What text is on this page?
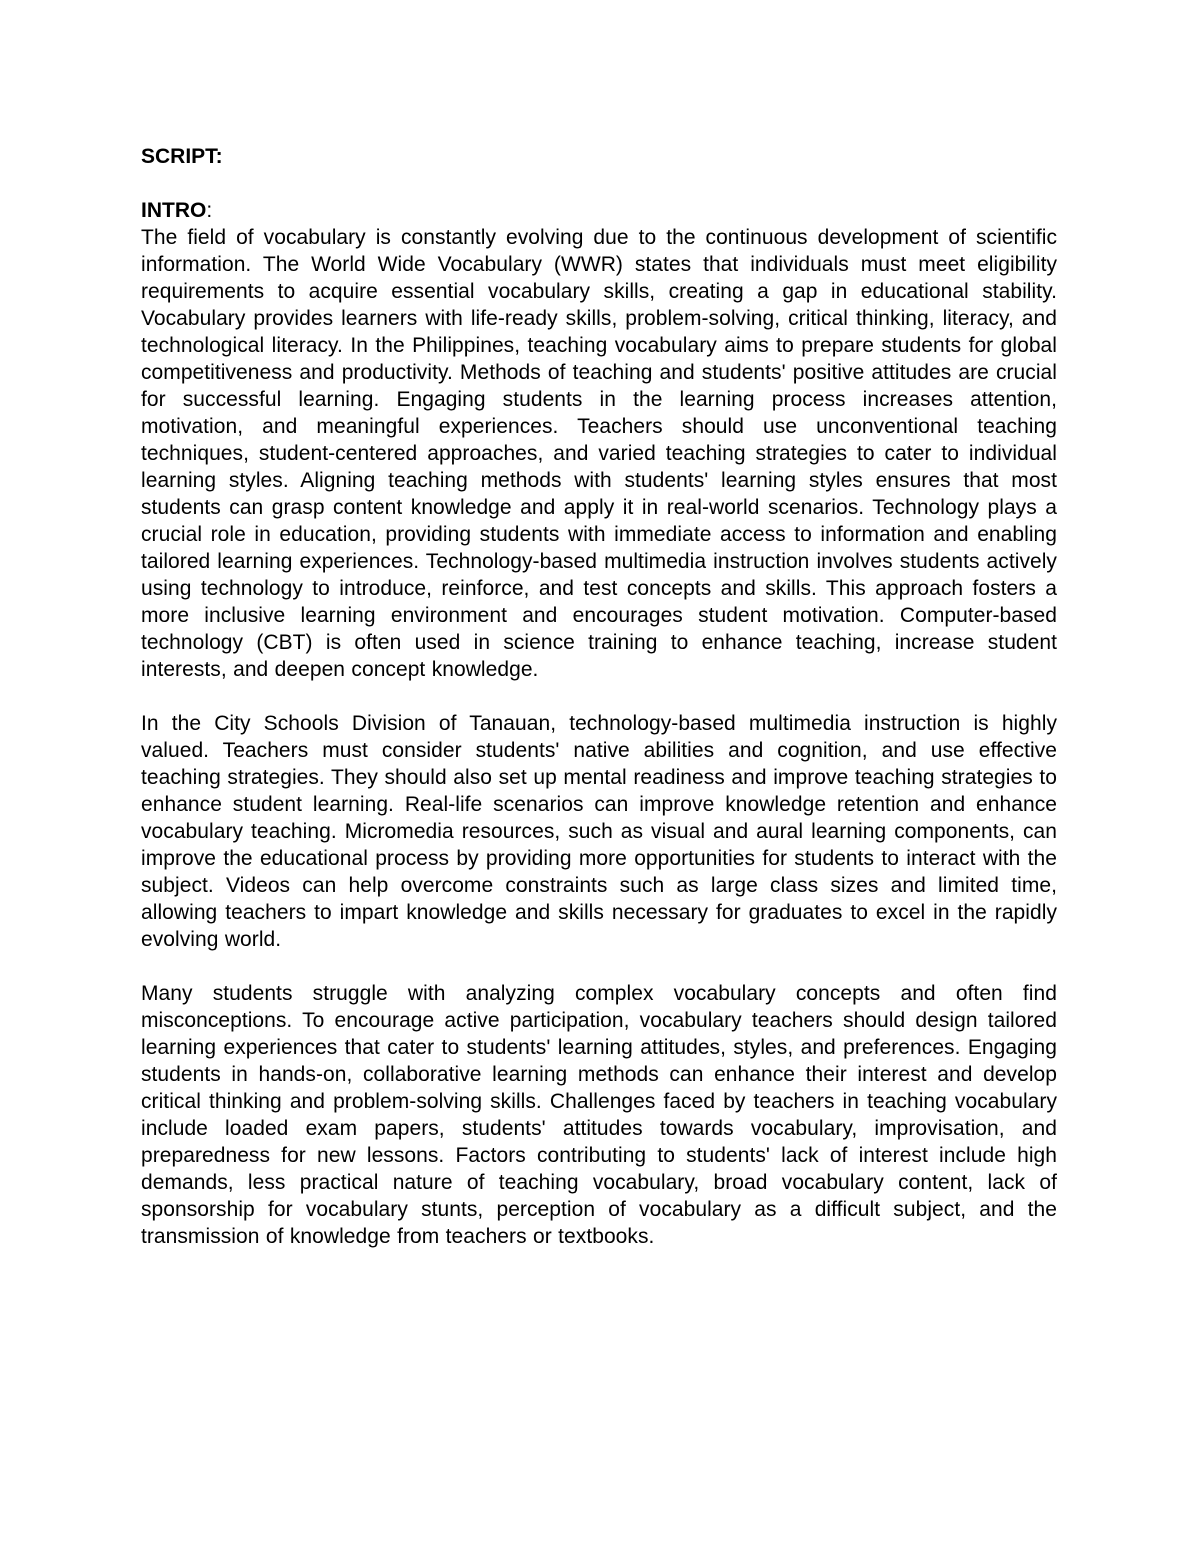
SCRIPT:
INTRO:

The field of vocabulary is constantly evolving due to the continuous development of scientific information. The World Wide Vocabulary (WWR) states that individuals must meet eligibility requirements to acquire essential vocabulary skills, creating a gap in educational stability. Vocabulary provides learners with life-ready skills, problem-solving, critical thinking, literacy, and technological literacy. In the Philippines, teaching vocabulary aims to prepare students for global competitiveness and productivity. Methods of teaching and students' positive attitudes are crucial for successful learning. Engaging students in the learning process increases attention, motivation, and meaningful experiences. Teachers should use unconventional teaching techniques, student-centered approaches, and varied teaching strategies to cater to individual learning styles. Aligning teaching methods with students' learning styles ensures that most students can grasp content knowledge and apply it in real-world scenarios. Technology plays a crucial role in education, providing students with immediate access to information and enabling tailored learning experiences. Technology-based multimedia instruction involves students actively using technology to introduce, reinforce, and test concepts and skills. This approach fosters a more inclusive learning environment and encourages student motivation. Computer-based technology (CBT) is often used in science training to enhance teaching, increase student interests, and deepen concept knowledge.

In the City Schools Division of Tanauan, technology-based multimedia instruction is highly valued. Teachers must consider students' native abilities and cognition, and use effective teaching strategies. They should also set up mental readiness and improve teaching strategies to enhance student learning. Real-life scenarios can improve knowledge retention and enhance vocabulary teaching. Micromedia resources, such as visual and aural learning components, can improve the educational process by providing more opportunities for students to interact with the subject. Videos can help overcome constraints such as large class sizes and limited time, allowing teachers to impart knowledge and skills necessary for graduates to excel in the rapidly evolving world.

Many students struggle with analyzing complex vocabulary concepts and often find misconceptions. To encourage active participation, vocabulary teachers should design tailored learning experiences that cater to students' learning attitudes, styles, and preferences. Engaging students in hands-on, collaborative learning methods can enhance their interest and develop critical thinking and problem-solving skills. Challenges faced by teachers in teaching vocabulary include loaded exam papers, students' attitudes towards vocabulary, improvisation, and preparedness for new lessons. Factors contributing to students' lack of interest include high demands, less practical nature of teaching vocabulary, broad vocabulary content, lack of sponsorship for vocabulary stunts, perception of vocabulary as a difficult subject, and the transmission of knowledge from teachers or textbooks.
